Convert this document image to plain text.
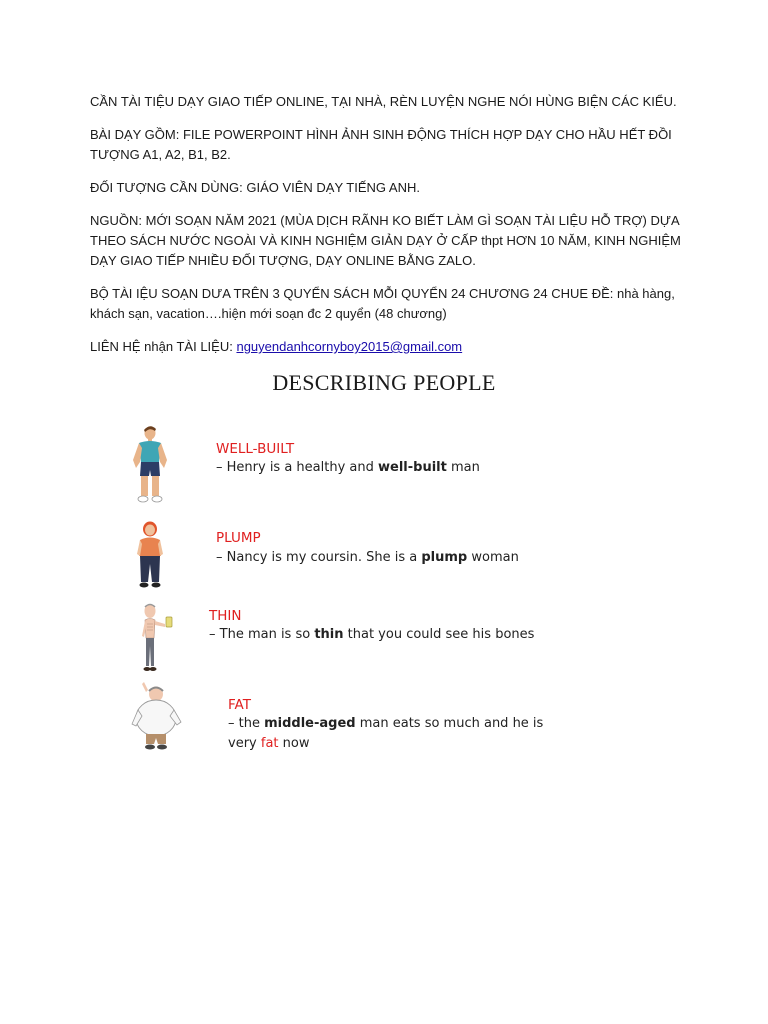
CẦN TÀI TIỆU DẠY GIAO TIẾP ONLINE, TẠI NHÀ, RÈN LUYỆN NGHE NÓI HÙNG BIỆN CÁC KIỂU.

BÀI DẠY GỒM: FILE POWERPOINT HÌNH ẢNH SINH ĐỘNG THÍCH HỢP DẠY CHO HẦU HẾT ĐỒI TƯỢNG A1, A2, B1, B2.

ĐỐI TƯỢNG CẦN DÙNG: GIÁO VIÊN DẠY TIẾNG ANH.

NGUỒN: MỚI SOẠN NĂM 2021 (MÙA DỊCH RÃNH KO BIẾT LÀM GÌ SOẠN TÀI LIỆU HỖ TRỢ) DỰA THEO SÁCH NƯỚC NGOÀI VÀ KINH NGHIỆM GIẢN DẠY Ở CẤP thpt HƠN 10 NĂM, KINH NGHIỆM DẠY GIAO TIẾP NHIỀU ĐỐI TƯỢNG, DẠY ONLINE BẰNG ZALO.

BỘ TÀI IỆU SOẠN DƯA TRÊN 3 QUYỂN SÁCH MỖI QUYỂN 24 CHƯƠNG 24 CHUE ĐỀ: nhà hàng, khách sạn, vacation….hiện mới soạn đc 2 quyển (48 chương)

LIÊN HỆ nhận TÀI LIỆU: nguyendanhcornyboy2015@gmail.com

DESCRIBING PEOPLE
WELL-BUILT
– Henry is a healthy and well-built man
PLUMP
– Nancy is my coursin. She is a plump woman
THIN
– The man is so thin that you could see his bones
FAT
– the middle-aged man eats so much and he is
very fat now
